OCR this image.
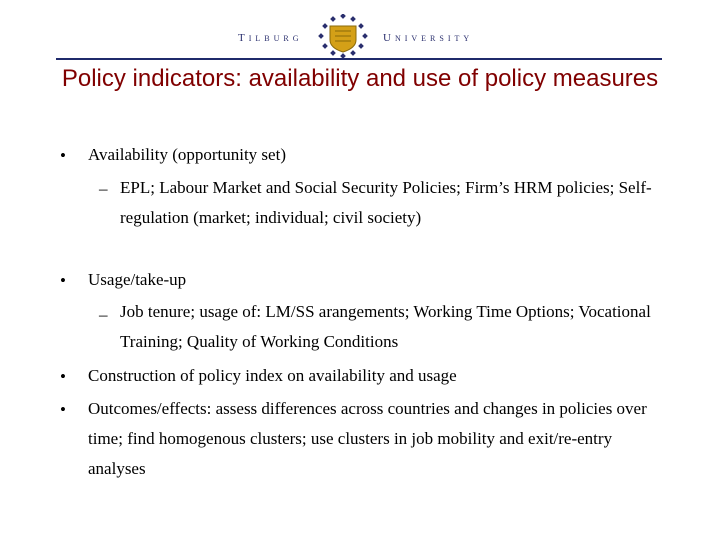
Tilburg	University
Policy indicators: availability and use of policy measures
• Availability (opportunity set)
– EPL; Labour Market and Social Security Policies; Firm’s HRM policies; Self-regulation (market; individual; civil society)
• Usage/take-up
– Job tenure; usage of: LM/SS arangements; Working Time Options; Vocational Training; Quality of Working Conditions
• Construction of policy index on availability and usage
• Outcomes/effects: assess differences across countries and changes in policies over time; find homogenous clusters; use clusters in job mobility and exit/re-entry analyses
